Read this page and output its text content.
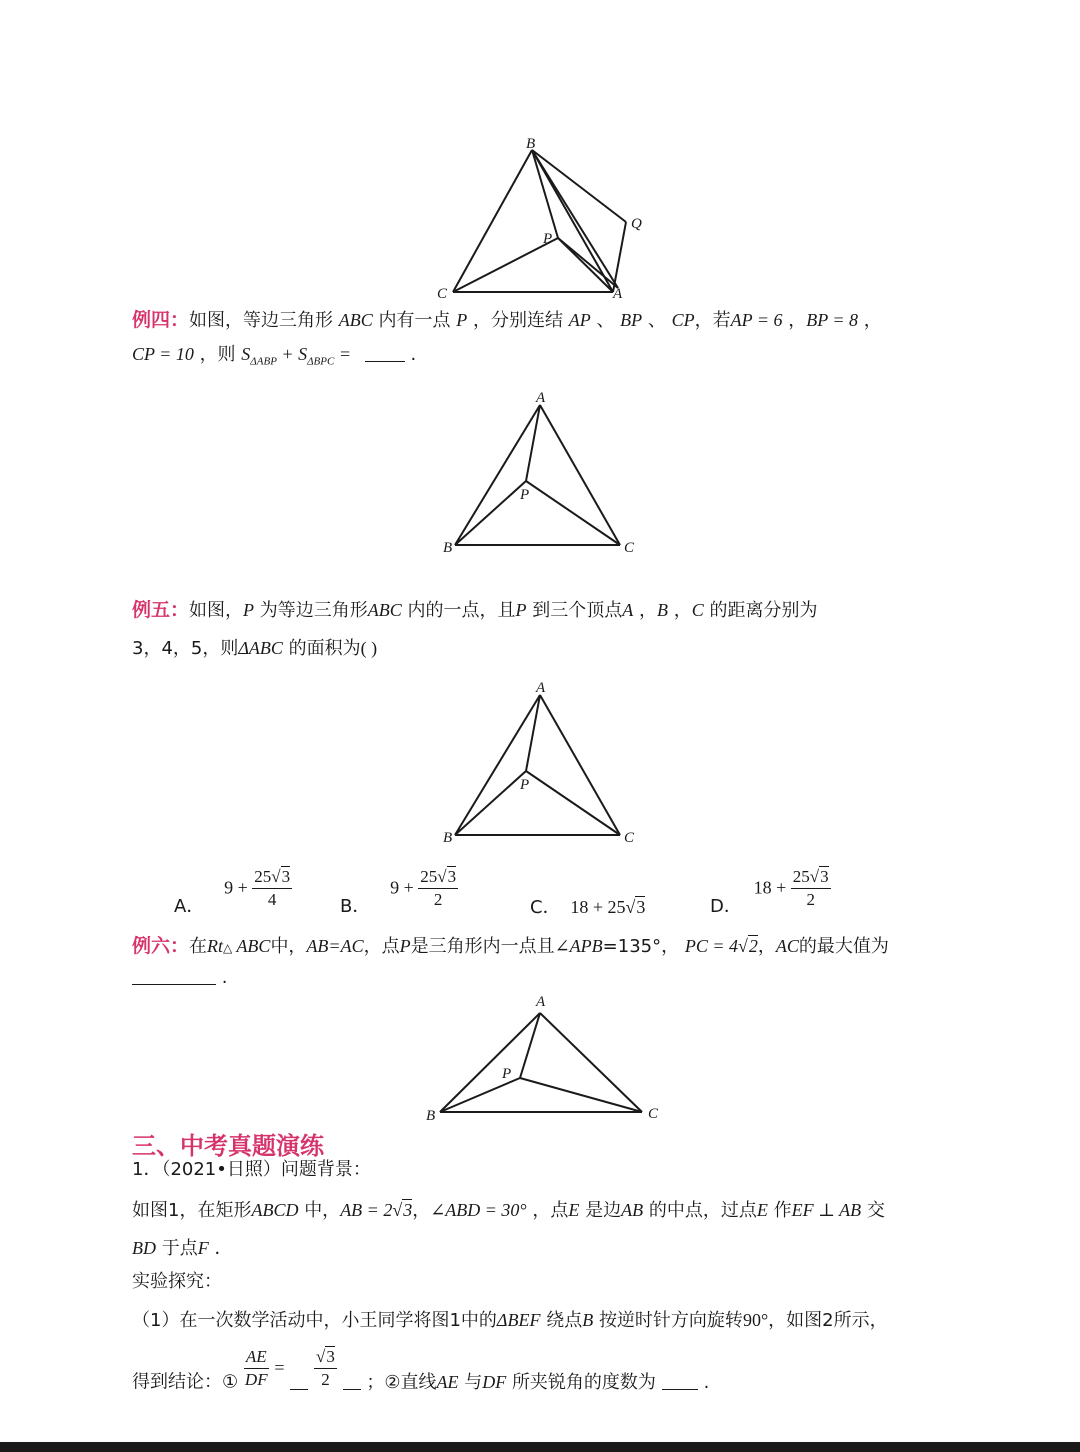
B
Q
P
C	A
例四：如图，等边三角形 ABC 内有一点 P ，分别连结 AP 、 BP 、 CP，若AP = 6 ，BP = 8 ，
CP = 10 ，则 $S_{\Delta ABP} + S_{\Delta BPC}$ =	.
A
P
B	C
例五：如图，P 为等边三角形ABC 内的一点，且P 到三个顶点A ，B ，C 的距离分别为
3，4，5，则ΔABC 的面积为( )
A
P
B	C
A． $9 + \frac{25√3}{4}$	B． $9 + \frac{25√3}{2}$	C． 18 + 25√3	D． $18 + \frac{25√3}{2}$
例六：在Rt△ ABC中，AB=AC，点P是三角形内一点且∠APB=135°， PC = 4√2，AC的最大值为
.
A
P
B	C
三、中考真题演练
1．（2021•日照）问题背景：
如图1，在矩形ABCD 中，AB = 2√3，∠ABD = 30° ，点E 是边AB 的中点，过点E 作EF ⊥ AB 交
BD 于点F ．
实验探究：
（1）在一次数学活动中，小王同学将图1中的ΔBEF 绕点B 按逆时针方向旋转90°，如图2所示，
得到结论：① $\frac{AE}{DF} = \frac{√3}{2}$ ；②直线AE 与DF 所夹锐角的度数为	.
